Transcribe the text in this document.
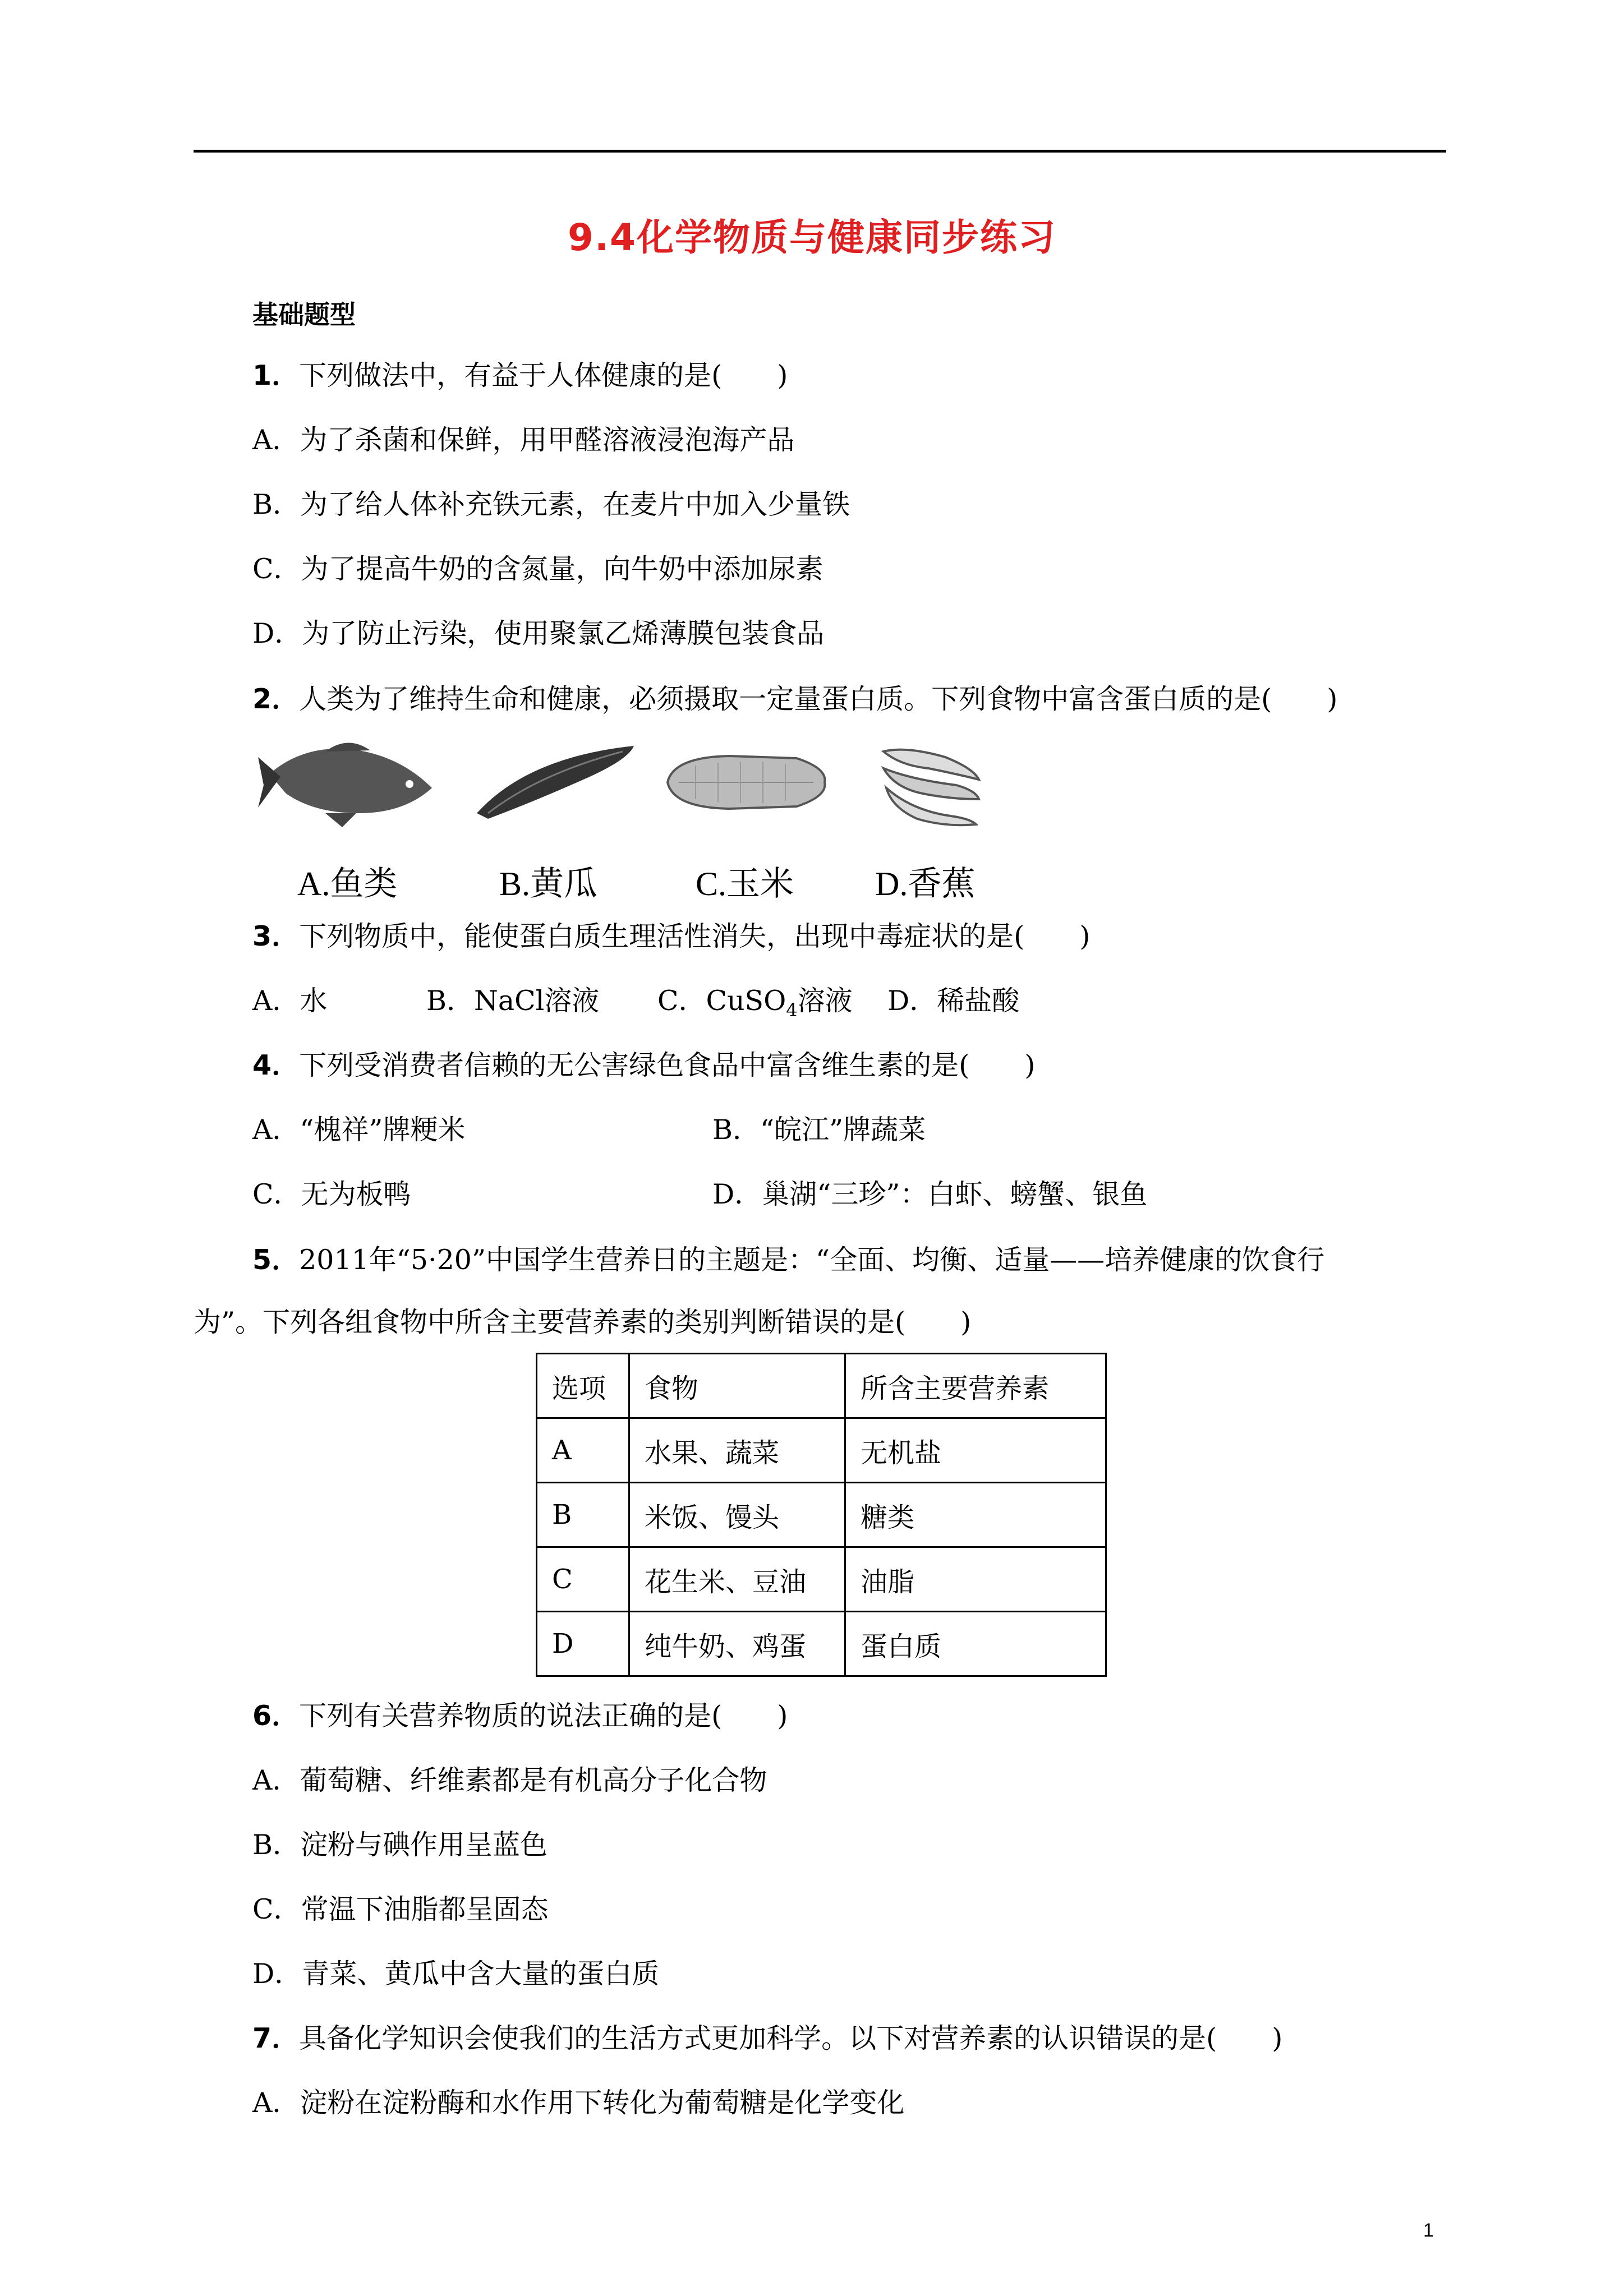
9.4化学物质与健康同步练习
基础题型
1．下列做法中，有益于人体健康的是(　　)
A．为了杀菌和保鲜，用甲醛溶液浸泡海产品
B．为了给人体补充铁元素，在麦片中加入少量铁
C．为了提高牛奶的含氮量，向牛奶中添加尿素
D．为了防止污染，使用聚氯乙烯薄膜包装食品
2．人类为了维持生命和健康，必须摄取一定量蛋白质。下列食物中富含蛋白质的是(　　)
A.鱼类	B.黄瓜	C.玉米 D.香蕉
3．下列物质中，能使蛋白质生理活性消失，出现中毒症状的是(　　)
A．水	B．NaCl溶液 C．CuSO$_4$溶液 D．稀盐酸
4．下列受消费者信赖的无公害绿色食品中富含维生素的是(　　)
A．“槐祥”牌粳米	B．“皖江”牌蔬菜
C．无为板鸭	D．巢湖“三珍”：白虾、螃蟹、银鱼
5．2011年“5·20”中国学生营养日的主题是：“全面、均衡、适量——培养健康的饮食行
为”。下列各组食物中所含主要营养素的类别判断错误的是(　　)
选项	食物	所含主要营养素
A	水果、蔬菜	无机盐
B	米饭、馒头	糖类
C	花生米、豆油	油脂
D	纯牛奶、鸡蛋	蛋白质
6．下列有关营养物质的说法正确的是(　　)
A．葡萄糖、纤维素都是有机高分子化合物
B．淀粉与碘作用呈蓝色
C．常温下油脂都呈固态
D．青菜、黄瓜中含大量的蛋白质
7．具备化学知识会使我们的生活方式更加科学。以下对营养素的认识错误的是(　　)
A．淀粉在淀粉酶和水作用下转化为葡萄糖是化学变化
1
